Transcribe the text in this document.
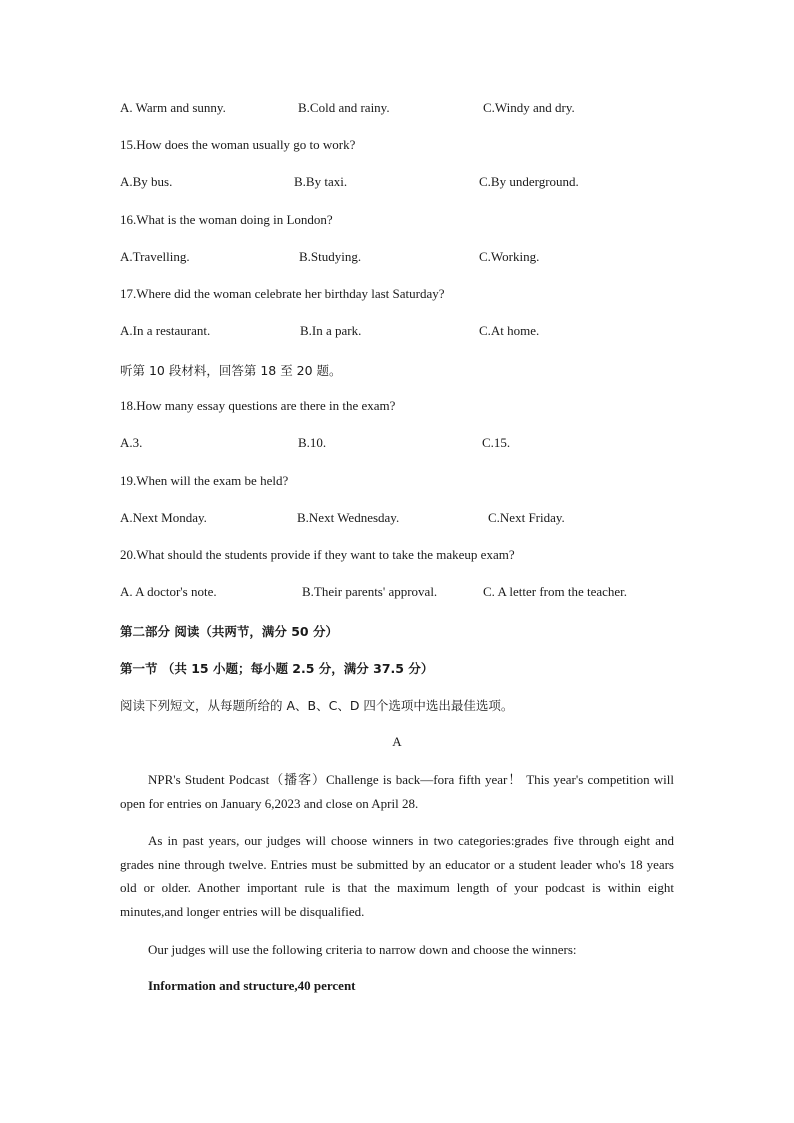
A. Warm and sunny.	B.Cold and rainy.	C.Windy and dry.
15.How does the woman usually go to work?
A.By bus.	B.By taxi.	C.By underground.
16.What is the woman doing in London?
A.Travelling.	B.Studying.	C.Working.
17.Where did the woman celebrate her birthday last Saturday?
A.In a restaurant.	B.In a park.	C.At home.
听第 10 段材料，回答第 18 至 20 题。
18.How many essay questions are there in the exam?
A.3.	B.10.	C.15.
19.When will the exam be held?
A.Next Monday.	B.Next Wednesday.	C.Next Friday.
20.What should the students provide if they want to take the makeup exam?
A. A doctor's note.	B.Their parents' approval.	C. A letter from the teacher.
第二部分 阅读（共两节，满分 50 分）
第一节 （共 15 小题；每小题 2.5 分，满分 37.5 分）
阅读下列短文，从每题所给的 A、B、C、D 四个选项中选出最佳选项。
A

NPR's Student Podcast（播客）Challenge is back—fora fifth year！ This year's competition will open for entries on January 6,2023 and close on April 28.

As in past years, our judges will choose winners in two categories:grades five through eight and grades nine through twelve. Entries must be submitted by an educator or a student leader who's 18 years old or older. Another important rule is that the maximum length of your podcast is within eight minutes,and longer entries will be disqualified.

Our judges will use the following criteria to narrow down and choose the winners:

Information and structure,40 percent
